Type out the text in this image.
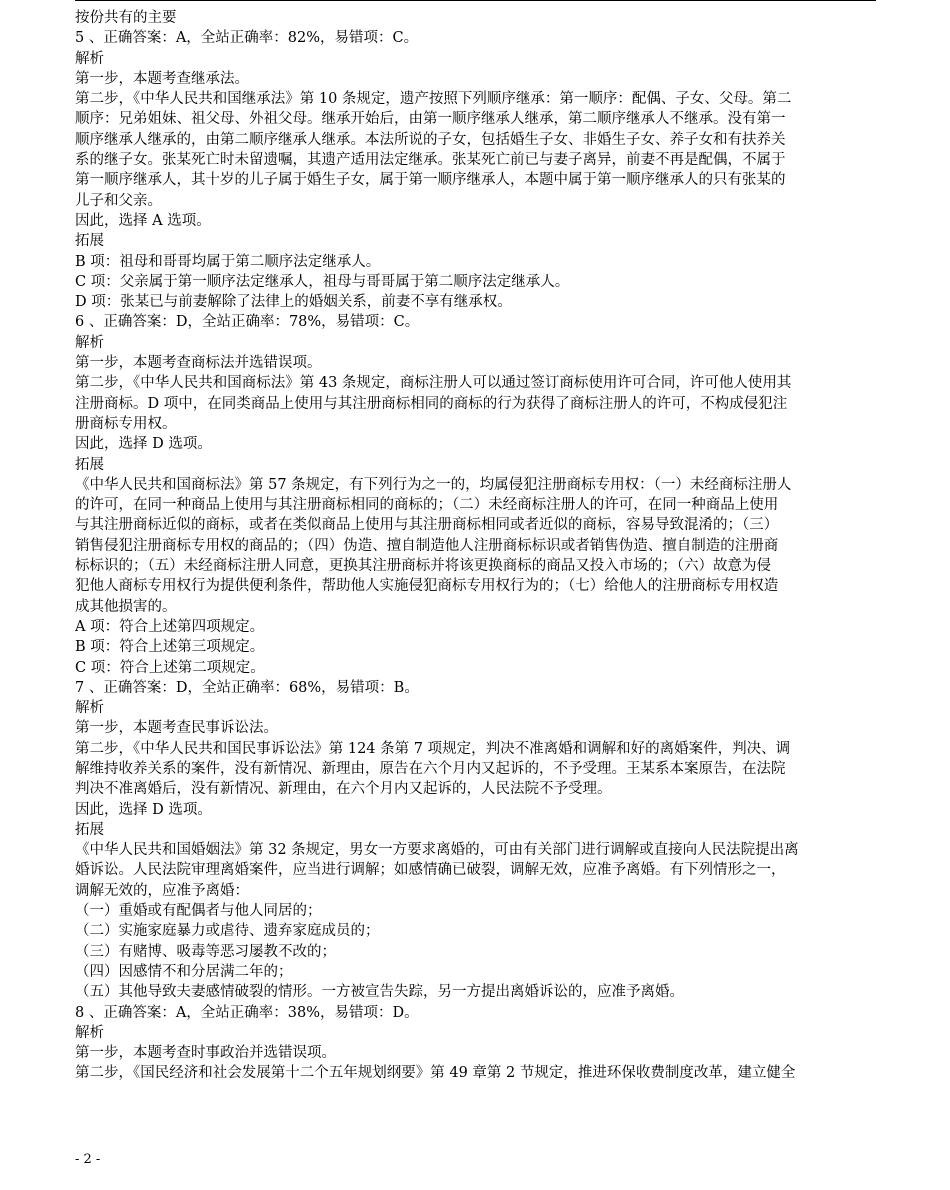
按份共有的主要
5 、正确答案：A，全站正确率：82%，易错项：C。
解析
第一步，本题考查继承法。
第二步，《中华人民共和国继承法》第 10 条规定，遗产按照下列顺序继承：第一顺序：配偶、子女、父母。第二
顺序：兄弟姐妹、祖父母、外祖父母。继承开始后，由第一顺序继承人继承，第二顺序继承人不继承。没有第一
顺序继承人继承的，由第二顺序继承人继承。本法所说的子女，包括婚生子女、非婚生子女、养子女和有扶养关
系的继子女。张某死亡时未留遗嘱，其遗产适用法定继承。张某死亡前已与妻子离异，前妻不再是配偶，不属于
第一顺序继承人，其十岁的儿子属于婚生子女，属于第一顺序继承人，本题中属于第一顺序继承人的只有张某的
儿子和父亲。
因此，选择 A 选项。
拓展
B 项：祖母和哥哥均属于第二顺序法定继承人。
C 项：父亲属于第一顺序法定继承人，祖母与哥哥属于第二顺序法定继承人。
D 项：张某已与前妻解除了法律上的婚姻关系，前妻不享有继承权。
6 、正确答案：D，全站正确率：78%，易错项：C。
解析
第一步，本题考查商标法并选错误项。
第二步，《中华人民共和国商标法》第 43 条规定，商标注册人可以通过签订商标使用许可合同，许可他人使用其
注册商标。D 项中，在同类商品上使用与其注册商标相同的商标的行为获得了商标注册人的许可，不构成侵犯注
册商标专用权。
因此，选择 D 选项。
拓展
《中华人民共和国商标法》第 57 条规定，有下列行为之一的，均属侵犯注册商标专用权：（一）未经商标注册人
的许可，在同一种商品上使用与其注册商标相同的商标的；（二）未经商标注册人的许可，在同一种商品上使用
与其注册商标近似的商标，或者在类似商品上使用与其注册商标相同或者近似的商标，容易导致混淆的；（三）
销售侵犯注册商标专用权的商品的；（四）伪造、擅自制造他人注册商标标识或者销售伪造、擅自制造的注册商
标标识的；（五）未经商标注册人同意，更换其注册商标并将该更换商标的商品又投入市场的；（六）故意为侵
犯他人商标专用权行为提供便利条件，帮助他人实施侵犯商标专用权行为的；（七）给他人的注册商标专用权造
成其他损害的。
A 项：符合上述第四项规定。
B 项：符合上述第三项规定。
C 项：符合上述第二项规定。
7 、正确答案：D，全站正确率：68%，易错项：B。
解析
第一步，本题考查民事诉讼法。
第二步，《中华人民共和国民事诉讼法》第 124 条第 7 项规定，判决不准离婚和调解和好的离婚案件，判决、调
解维持收养关系的案件，没有新情况、新理由，原告在六个月内又起诉的，不予受理。王某系本案原告，在法院
判决不准离婚后，没有新情况、新理由，在六个月内又起诉的，人民法院不予受理。
因此，选择 D 选项。
拓展
《中华人民共和国婚姻法》第 32 条规定，男女一方要求离婚的，可由有关部门进行调解或直接向人民法院提出离
婚诉讼。人民法院审理离婚案件，应当进行调解；如感情确已破裂，调解无效，应准予离婚。有下列情形之一，
调解无效的，应准予离婚：
（一）重婚或有配偶者与他人同居的；
（二）实施家庭暴力或虐待、遗弃家庭成员的；
（三）有赌博、吸毒等恶习屡教不改的；
（四）因感情不和分居满二年的；
（五）其他导致夫妻感情破裂的情形。一方被宣告失踪，另一方提出离婚诉讼的，应准予离婚。
8 、正确答案：A，全站正确率：38%，易错项：D。
解析
第一步，本题考查时事政治并选错误项。
第二步，《国民经济和社会发展第十二个五年规划纲要》第 49 章第 2 节规定，推进环保收费制度改革，建立健全
- 2 -
